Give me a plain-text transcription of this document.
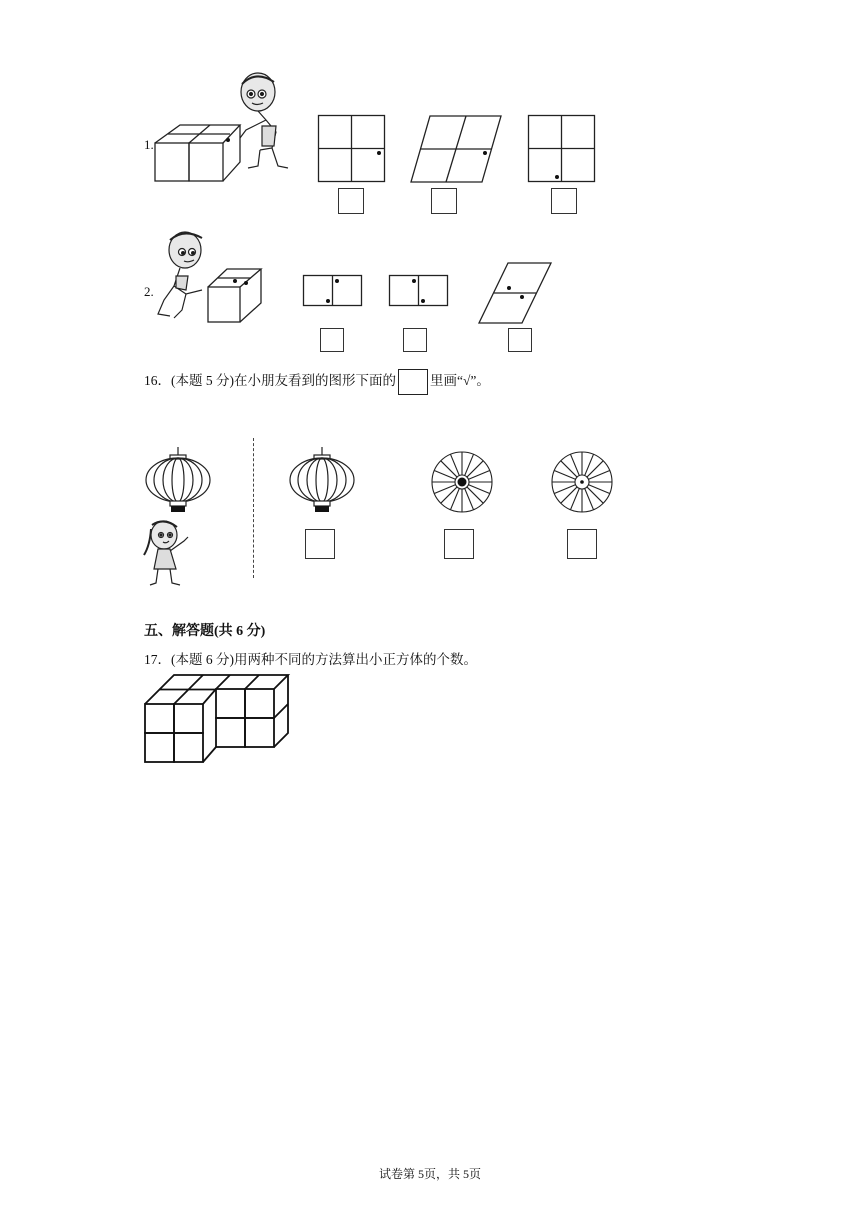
1.
2.
16．(本题 5 分)在小朋友看到的图形下面的	里画“√”。
五、解答题(共 6 分)
17．(本题 6 分)用两种不同的方法算出小正方体的个数。
试卷第 5页，共 5页
